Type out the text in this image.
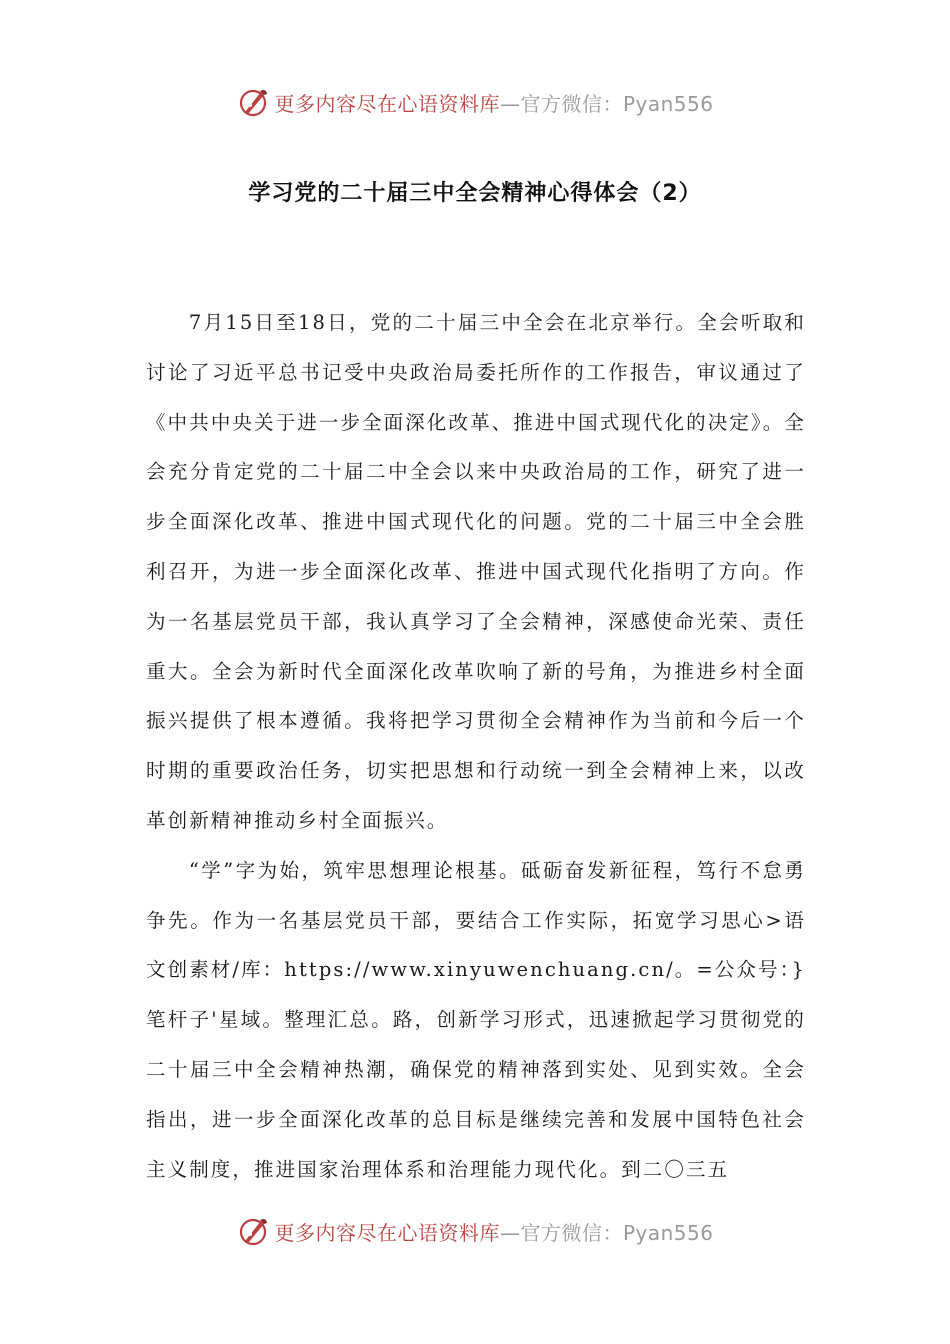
更多内容尽在心语资料库—官方微信：Pyan556
学习党的二十届三中全会精神心得体会（2）

7月15日至18日，党的二十届三中全会在北京举行。全会听取和讨论了习近平总书记受中央政治局委托所作的工作报告，审议通过了《中共中央关于进一步全面深化改革、推进中国式现代化的决定》。全会充分肯定党的二十届二中全会以来中央政治局的工作，研究了进一步全面深化改革、推进中国式现代化的问题。党的二十届三中全会胜利召开，为进一步全面深化改革、推进中国式现代化指明了方向。作为一名基层党员干部，我认真学习了全会精神，深感使命光荣、责任重大。全会为新时代全面深化改革吹响了新的号角，为推进乡村全面振兴提供了根本遵循。我将把学习贯彻全会精神作为当前和今后一个时期的重要政治任务，切实把思想和行动统一到全会精神上来，以改革创新精神推动乡村全面振兴。

“学”字为始，筑牢思想理论根基。砥砺奋发新征程，笃行不怠勇争先。作为一名基层党员干部，要结合工作实际，拓宽学习思心>语文创素材/库：https://www.xinyuwenchuang.cn/。=公众号：}笔杆子'星域。整理汇总。路，创新学习形式，迅速掀起学习贯彻党的二十届三中全会精神热潮，确保党的精神落到实处、见到实效。全会指出，进一步全面深化改革的总目标是继续完善和发展中国特色社会主义制度，推进国家治理体系和治理能力现代化。到二〇三五

更多内容尽在心语资料库—官方微信：Pyan556
